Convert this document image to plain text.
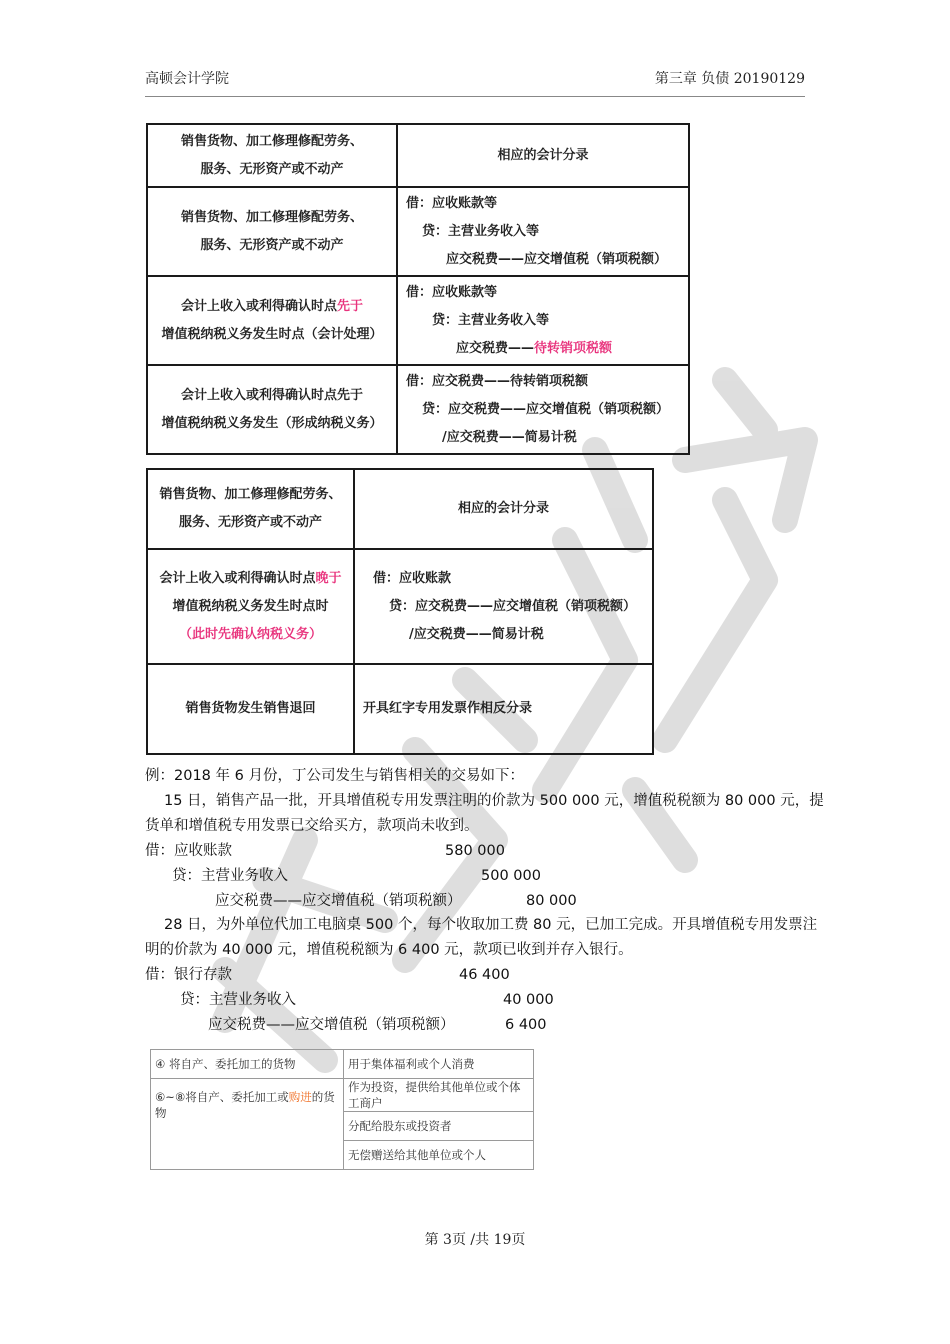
高顿会计学院	第三章 负债 20190129
销售货物、加工修理修配劳务、
服务、无形资产或不动产	相应的会计分录

销售货物、加工修理修配劳务、
服务、无形资产或不动产	借：应收账款等
贷：主营业务收入等
应交税费——应交增值税（销项税额）

会计上收入或利得确认时点先于
增值税纳税义务发生时点（会计处理）	借：应收账款等
贷：主营业务收入等
应交税费——待转销项税额

会计上收入或利得确认时点先于
增值税纳税义务发生（形成纳税义务）	借：应交税费——待转销项税额
贷：应交税费——应交增值税（销项税额）
/应交税费——简易计税
销售货物、加工修理修配劳务、
服务、无形资产或不动产	相应的会计分录

会计上收入或利得确认时点晚于
增值税纳税义务发生时点时
（此时先确认纳税义务）	借：应收账款
贷：应交税费——应交增值税（销项税额）
/应交税费——简易计税

销售货物发生销售退回	开具红字专用发票作相反分录
例：2018 年 6 月份，丁公司发生与销售相关的交易如下：
15 日，销售产品一批，开具增值税专用发票注明的价款为 500 000 元，增值税税额为 80 000 元，提
货单和增值税专用发票已交给买方，款项尚未收到。
借：应收账款	580 000
贷：主营业务收入	500 000
应交税费——应交增值税（销项税额）	80 000
28 日，为外单位代加工电脑桌 500 个，每个收取加工费 80 元，已加工完成。开具增值税专用发票注
明的价款为 40 000 元，增值税税额为 6 400 元，款项已收到并存入银行。
借：银行存款	46 400
贷：主营业务收入	40 000
应交税费——应交增值税（销项税额）	6 400
④ 将自产、委托加工的货物	用于集体福利或个人消费
⑥~⑧将自产、委托加工或购进的货物	作为投资，提供给其他单位或个体工商户
	分配给股东或投资者
	无偿赠送给其他单位或个人
第 3页 /共 19页
